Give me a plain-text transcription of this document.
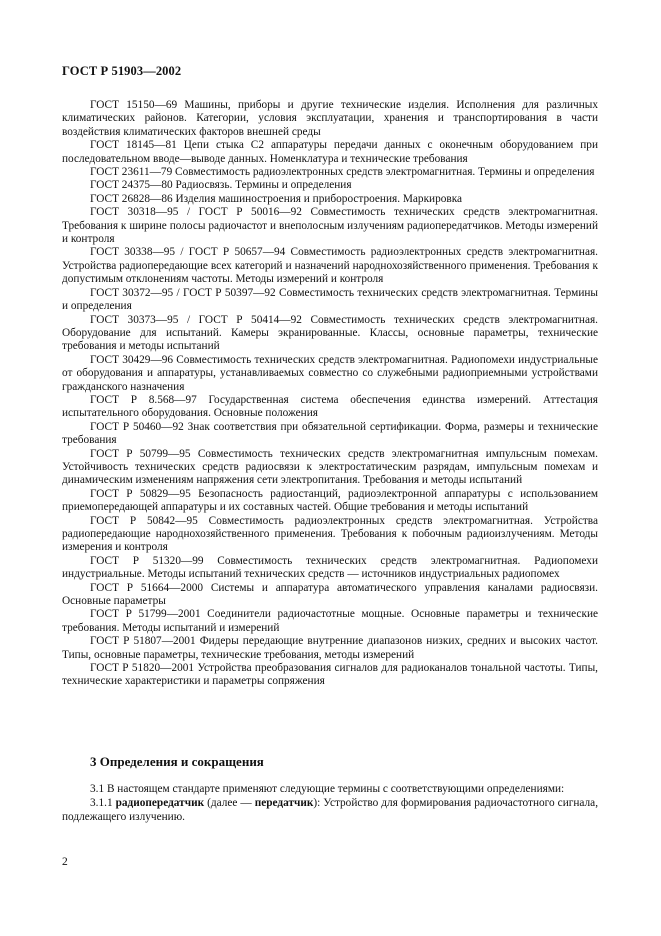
ГОСТ Р 51903—2002

ГОСТ 15150—69 Машины, приборы и другие технические изделия. Исполнения для различных климатических районов. Категории, условия эксплуатации, хранения и транспортирования в части воздействия климатических факторов внешней среды

ГОСТ 18145—81 Цепи стыка С2 аппаратуры передачи данных с оконечным оборудованием при последовательном вводе—выводе данных. Номенклатура и технические требования

ГОСТ 23611—79 Совместимость радиоэлектронных средств электромагнитная. Термины и определения

ГОСТ 24375—80 Радиосвязь. Термины и определения

ГОСТ 26828—86 Изделия машиностроения и приборостроения. Маркировка

ГОСТ 30318—95 / ГОСТ Р 50016—92 Совместимость технических средств электромагнитная. Требования к ширине полосы радиочастот и внеполосным излучениям радиопередатчиков. Методы измерений и контроля

ГОСТ 30338—95 / ГОСТ Р 50657—94 Совместимость радиоэлектронных средств электромагнитная. Устройства радиопередающие всех категорий и назначений народнохозяйственного применения. Требования к допустимым отклонениям частоты. Методы измерений и контроля

ГОСТ 30372—95 / ГОСТ Р 50397—92 Совместимость технических средств электромагнитная. Термины и определения

ГОСТ 30373—95 / ГОСТ Р 50414—92 Совместимость технических средств электромагнитная. Оборудование для испытаний. Камеры экранированные. Классы, основные параметры, технические требования и методы испытаний

ГОСТ 30429—96 Совместимость технических средств электромагнитная. Радиопомехи индустриальные от оборудования и аппаратуры, устанавливаемых совместно со служебными радиоприемными устройствами гражданского назначения

ГОСТ Р 8.568—97 Государственная система обеспечения единства измерений. Аттестация испытательного оборудования. Основные положения

ГОСТ Р 50460—92 Знак соответствия при обязательной сертификации. Форма, размеры и технические требования

ГОСТ Р 50799—95 Совместимость технических средств электромагнитная импульсным помехам. Устойчивость технических средств радиосвязи к электростатическим разрядам, импульсным помехам и динамическим изменениям напряжения сети электропитания. Требования и методы испытаний

ГОСТ Р 50829—95 Безопасность радиостанций, радиоэлектронной аппаратуры с использованием приемопередающей аппаратуры и их составных частей. Общие требования и методы испытаний

ГОСТ Р 50842—95 Совместимость радиоэлектронных средств электромагнитная. Устройства радиопередающие народнохозяйственного применения. Требования к побочным радиоизлучениям. Методы измерения и контроля

ГОСТ Р 51320—99 Совместимость технических средств электромагнитная. Радиопомехи индустриальные. Методы испытаний технических средств — источников индустриальных радиопомех

ГОСТ Р 51664—2000 Системы и аппаратура автоматического управления каналами радиосвязи. Основные параметры

ГОСТ Р 51799—2001 Соединители радиочастотные мощные. Основные параметры и технические требования. Методы испытаний и измерений

ГОСТ Р 51807—2001 Фидеры передающие внутренние диапазонов низких, средних и высоких частот. Типы, основные параметры, технические требования, методы измерений

ГОСТ Р 51820—2001 Устройства преобразования сигналов для радиоканалов тональной частоты. Типы, технические характеристики и параметры сопряжения

3 Определения и сокращения

3.1 В настоящем стандарте применяют следующие термины с соответствующими определениями:

3.1.1 радиопередатчик (далее — передатчик): Устройство для формирования радиочастотного сигнала, подлежащего излучению.

2
